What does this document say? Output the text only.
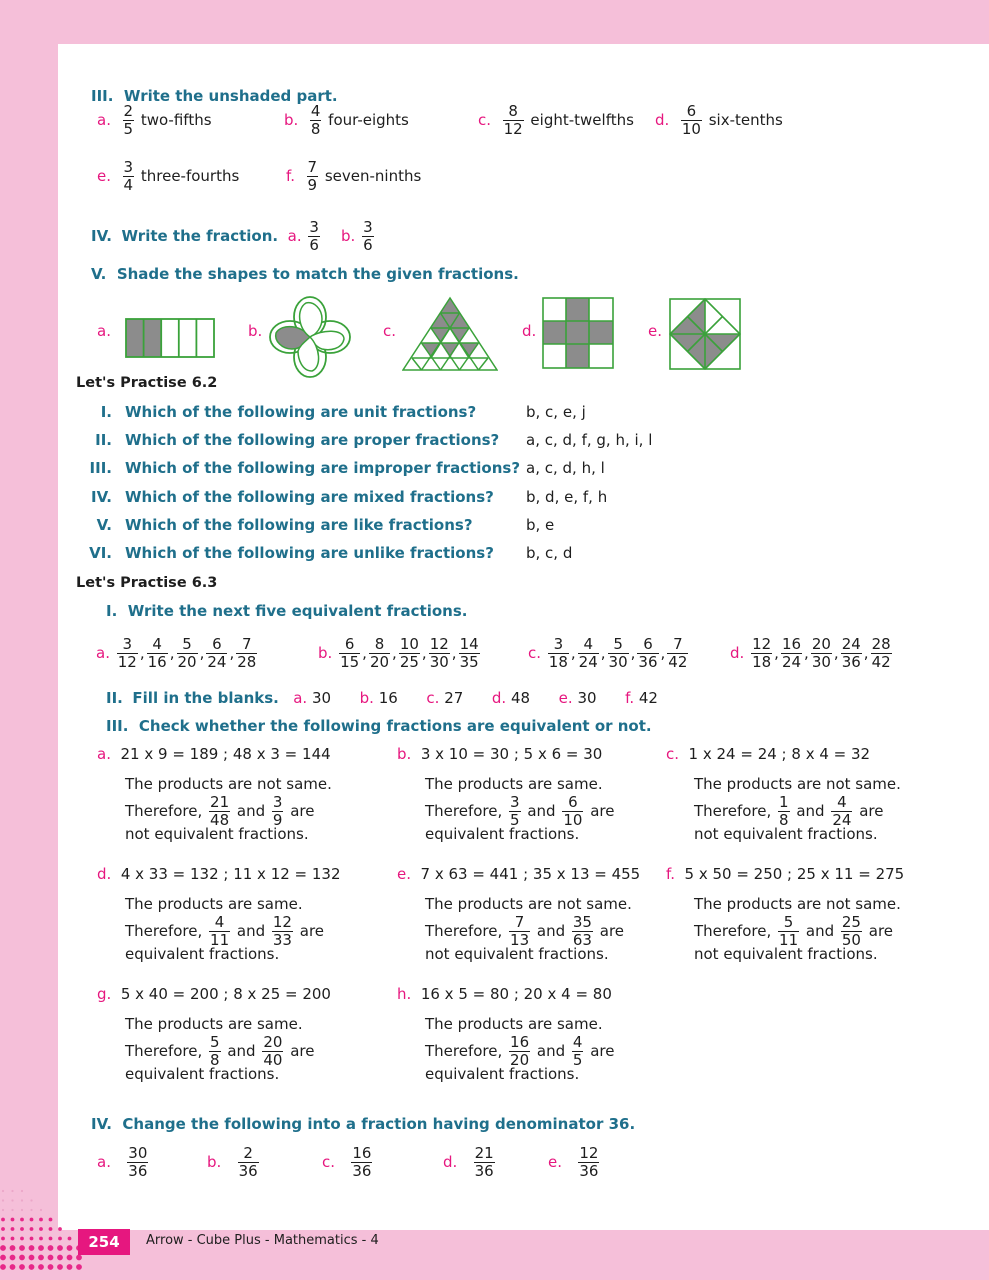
III. Write the unshaded part.
IV. Write the fraction. a. $\frac{3}{6} b$. $\frac{3}{6}$
V. Shade the shapes to match the given fractions.
a.	b.	c.	d.	e.
Let's Practise 6.2
Let's Practise 6.3
I. Write the next five equivalent fractions.
II. Fill in the blanks. a. 30 b. 16 c. 27 d. 48 e. 30 f. 42
III. Check whether the following fractions are equivalent or not.
IV. Change the following into a fraction having denominator 36.
254	Arrow - Cube Plus - Mathematics - 4
a. $\frac{2}{5}$ two-fifths	b. $\frac{4}{8}$ four-eights	c. $\frac{8}{12}$ eight-twelfths d. $\frac{6}{10}$ six-tenths
e. $\frac{3}{4}$ three-fourths	f. $\frac{7}{9}$ seven-ninths
I. Which of the following are unit fractions?	b, c, e, j
II. Which of the following are proper fractions? a, c, d, f, g, h, i, l
III. Which of the following are improper fractions? a, c, d, h, l
IV. Which of the following are mixed fractions? b, d, e, f, h
V. Which of the following are like fractions?	b, e
VI. Which of the following are unlike fractions? b, c, d
a. $\frac{3}{12}$ , $\frac{4}{16}$ , $\frac{5}{20}$ , $\frac{6}{24}$ , $\frac{7}{28}$	b. $\frac{6}{15}$ , $\frac{8}{20}$ , $\frac{10}{25}$ , $\frac{12}{30}$ , $\frac{14}{35}$	c. $\frac{3}{18}$ , $\frac{4}{24}$ , $\frac{5}{30}$ , $\frac{6}{36}$ , $\frac{7}{42}$	d. $\frac{12}{18}$ , $\frac{16}{24}$ , $\frac{20}{30}$ , $\frac{24}{36}$ , $\frac{28}{42}$
a.  21 x 9 = 189 ; 48 x 3 = 144
The products are not same.
Therefore, $\frac{21}{48}$ and $\frac{3}{9}$ are
not equivalent fractions.
b.  3 x 10 = 30 ; 5 x 6 = 30
The products are same.
Therefore, $\frac{3}{5}$ and $\frac{6}{10}$ are
equivalent fractions.
c.  1 x 24 = 24 ; 8 x 4 = 32
The products are not same.
Therefore, $\frac{1}{8}$ and $\frac{4}{24}$ are
not equivalent fractions.
d.  4 x 33 = 132 ; 11 x 12 = 132
The products are same.
Therefore, $\frac{4}{11}$ and $\frac{12}{33}$ are
equivalent fractions.
e.  7 x 63 = 441 ; 35 x 13 = 455
The products are not same.
Therefore, $\frac{7}{13}$ and $\frac{35}{63}$ are
not equivalent fractions.
f.  5 x 50 = 250 ; 25 x 11 = 275
The products are not same.
Therefore, $\frac{5}{11}$ and $\frac{25}{50}$ are
not equivalent fractions.
g.  5 x 40 = 200 ; 8 x 25 = 200
The products are same.
Therefore, $\frac{5}{8}$ and $\frac{20}{40}$ are
equivalent fractions.
h.  16 x 5 = 80 ; 20 x 4 = 80
The products are same.
Therefore, $\frac{16}{20}$ and $\frac{4}{5}$ are
equivalent fractions.
a. $\frac{30}{36}$	b. $\frac{2}{36}$	c. $\frac{16}{36}$	d. $\frac{21}{36}$	e. $\frac{12}{36}$
